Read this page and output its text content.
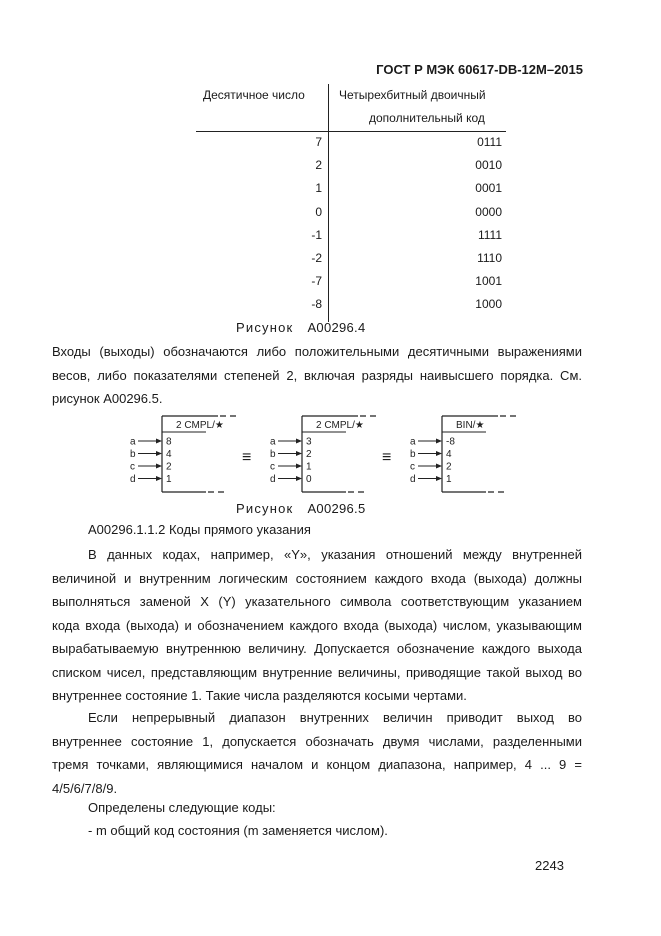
ГОСТ Р МЭК 60617-DB-12M–2015
Десятичное число	Четырехбитный двоичный
дополнительный код
7	0111
2	0010
1	0001
0	0000
-1	1111
-2	1110
-7	1001
-8	1000
Рисунок A00296.4
Входы (выходы) обозначаются либо положительными десятичными выражениями
весов, либо показателями степеней 2, включая разряды наивысшего порядка. См.
рисунок А00296.5.
2 CMPL/★
a	8
b	4
c	2
d	1
2 CMPL/★
a	3
b	2
c	1
d	0
BIN/★
a	-8
b	4
c	2
d	1
≡	≡
Рисунок A00296.5
А00296.1.1.2 Коды прямого указания
В данных кодах, например, «Y», указания отношений между внутренней
величиной и внутренним логическим состоянием каждого входа (выхода) должны
выполняться заменой X (Y) указательного символа соответствующим указанием
кода входа (выхода) и обозначением каждого входа (выхода) числом, указывающим
вырабатываемую внутреннюю величину. Допускается обозначение каждого выхода
списком чисел, представляющим внутренние величины, приводящие такой выход во
внутреннее состояние 1. Такие числа разделяются косыми чертами.
Если непрерывный диапазон внутренних величин приводит выход во
внутреннее состояние 1, допускается обозначать двумя числами, разделенными
тремя точками, являющимися началом и концом диапазона, например, 4 ... 9 =
4/5/6/7/8/9.
Определены следующие коды:
- m общий код состояния (m заменяется числом).
2243
